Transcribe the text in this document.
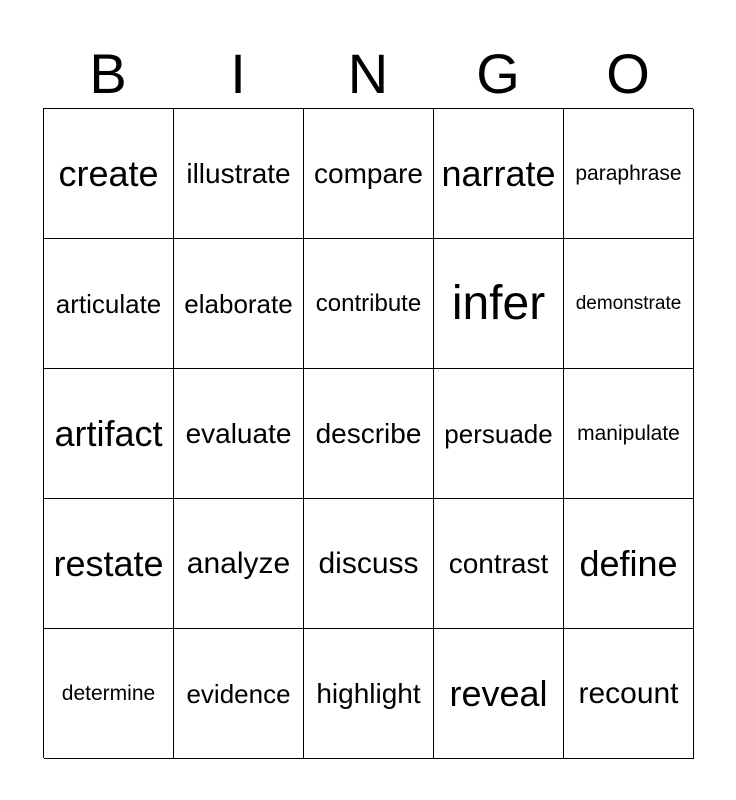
B	I	N	G	O
create illustrate compare narrate paraphrase
articulate elaborate contribute infer	demonstrate
artifact evaluate describe persuade	manipulate
restate analyze discuss	contrast define
determine	evidence highlight reveal	recount
